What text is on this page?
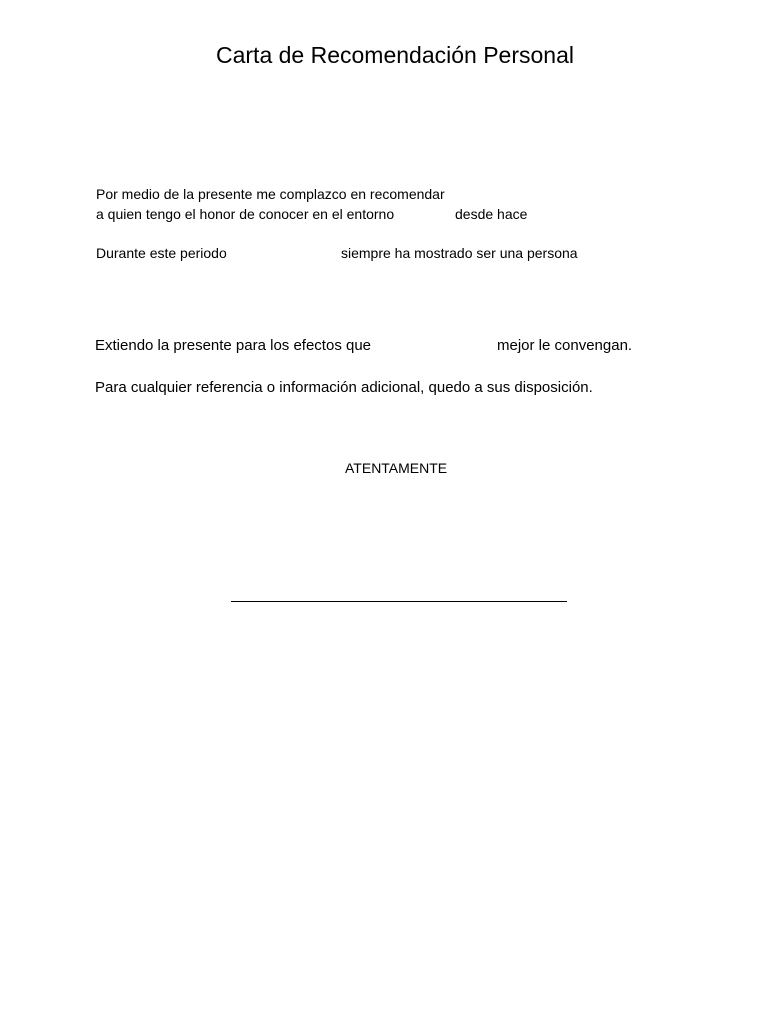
Carta de Recomendación Personal
Por medio de la presente me complazco en recomendar
a quien tengo el honor de conocer en el entorno	desde hace
Durante este periodo	siempre ha mostrado ser una persona
Extiendo la presente para los efectos que	mejor le convengan.
Para cualquier referencia o información adicional, quedo a sus disposición.
ATENTAMENTE
